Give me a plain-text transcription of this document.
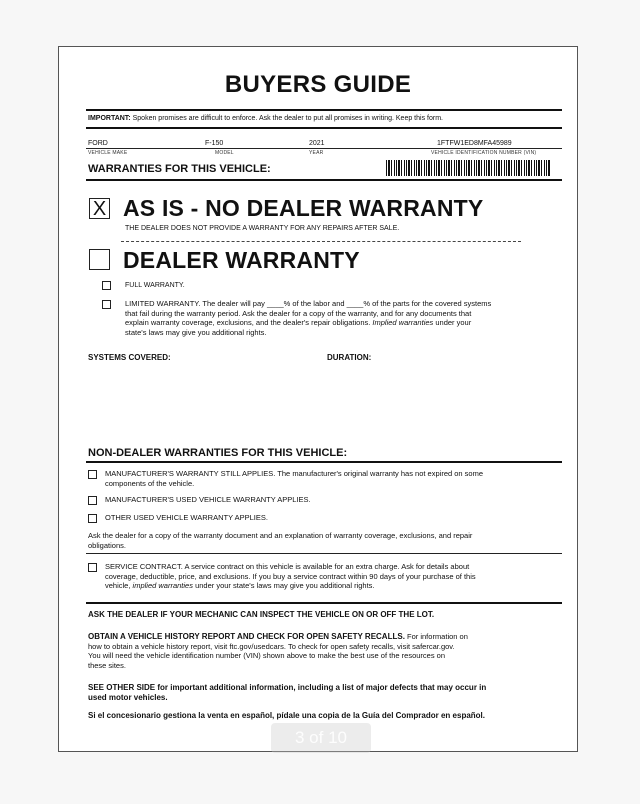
BUYERS GUIDE
IMPORTANT: Spoken promises are difficult to enforce. Ask the dealer to put all promises in writing. Keep this form.
FORD	F-150	2021	1FTFW1ED8MFA45989
VEHICLE MAKE	MODEL	YEAR	VEHICLE IDENTIFICATION NUMBER (VIN)
WARRANTIES FOR THIS VEHICLE:
X AS IS - NO DEALER WARRANTY
THE DEALER DOES NOT PROVIDE A WARRANTY FOR ANY REPAIRS AFTER SALE.
DEALER WARRANTY
FULL WARRANTY.
LIMITED WARRANTY. The dealer will pay ____% of the labor and ____% of the parts for the covered systems
that fail during the warranty period. Ask the dealer for a copy of the warranty, and for any documents that
explain warranty coverage, exclusions, and the dealer's repair obligations. Implied warranties under your
state's laws may give you additional rights.
SYSTEMS COVERED:	DURATION:
NON-DEALER WARRANTIES FOR THIS VEHICLE:
MANUFACTURER'S WARRANTY STILL APPLIES. The manufacturer's original warranty has not expired on some
components of the vehicle.
MANUFACTURER'S USED VEHICLE WARRANTY APPLIES.
OTHER USED VEHICLE WARRANTY APPLIES.
Ask the dealer for a copy of the warranty document and an explanation of warranty coverage, exclusions, and repair
obligations.
SERVICE CONTRACT. A service contract on this vehicle is available for an extra charge. Ask for details about
coverage, deductible, price, and exclusions. If you buy a service contract within 90 days of your purchase of this
vehicle, implied warranties under your state's laws may give you additional rights.
ASK THE DEALER IF YOUR MECHANIC CAN INSPECT THE VEHICLE ON OR OFF THE LOT.
OBTAIN A VEHICLE HISTORY REPORT AND CHECK FOR OPEN SAFETY RECALLS. For information on
how to obtain a vehicle history report, visit ftc.gov/usedcars. To check for open safety recalls, visit safercar.gov.
You will need the vehicle identification number (VIN) shown above to make the best use of the resources on
these sites.
SEE OTHER SIDE for important additional information, including a list of major defects that may occur in
used motor vehicles.
Si el concesionario gestiona la venta en español, pídale una copia de la Guía del Comprador en español.
3 of 10
